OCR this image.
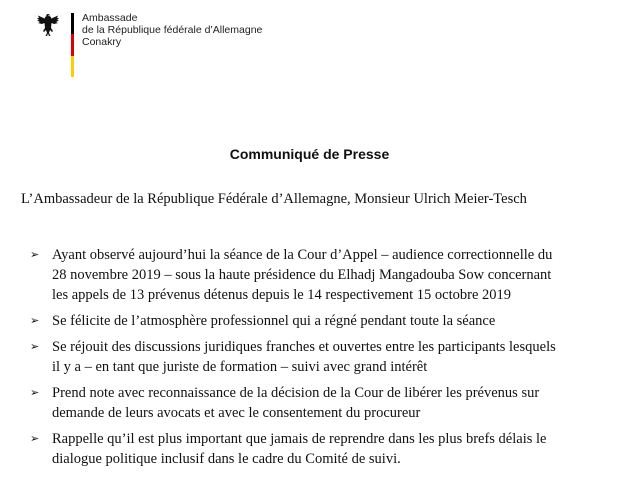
Ambassade
de la République fédérale d’Allemagne
Conakry
Communiqué de Presse
L’Ambassadeur de la République Fédérale d’Allemagne, Monsieur Ulrich Meier-Tesch
➢ Ayant observé aujourd’hui la séance de la Cour d’Appel – audience correctionnelle du
28 novembre 2019 – sous la haute présidence du Elhadj Mangadouba Sow concernant
les appels de 13 prévenus détenus depuis le 14 respectivement 15 octobre 2019
➢ Se félicite de l’atmosphère professionnel qui a régné pendant toute la séance
➢ Se réjouit des discussions juridiques franches et ouvertes entre les participants lesquels
il y a – en tant que juriste de formation – suivi avec grand intérêt
➢ Prend note avec reconnaissance de la décision de la Cour de libérer les prévenus sur
demande de leurs avocats et avec le consentement du procureur
➢ Rappelle qu’il est plus important que jamais de reprendre dans les plus brefs délais le
dialogue politique inclusif dans le cadre du Comité de suivi.
